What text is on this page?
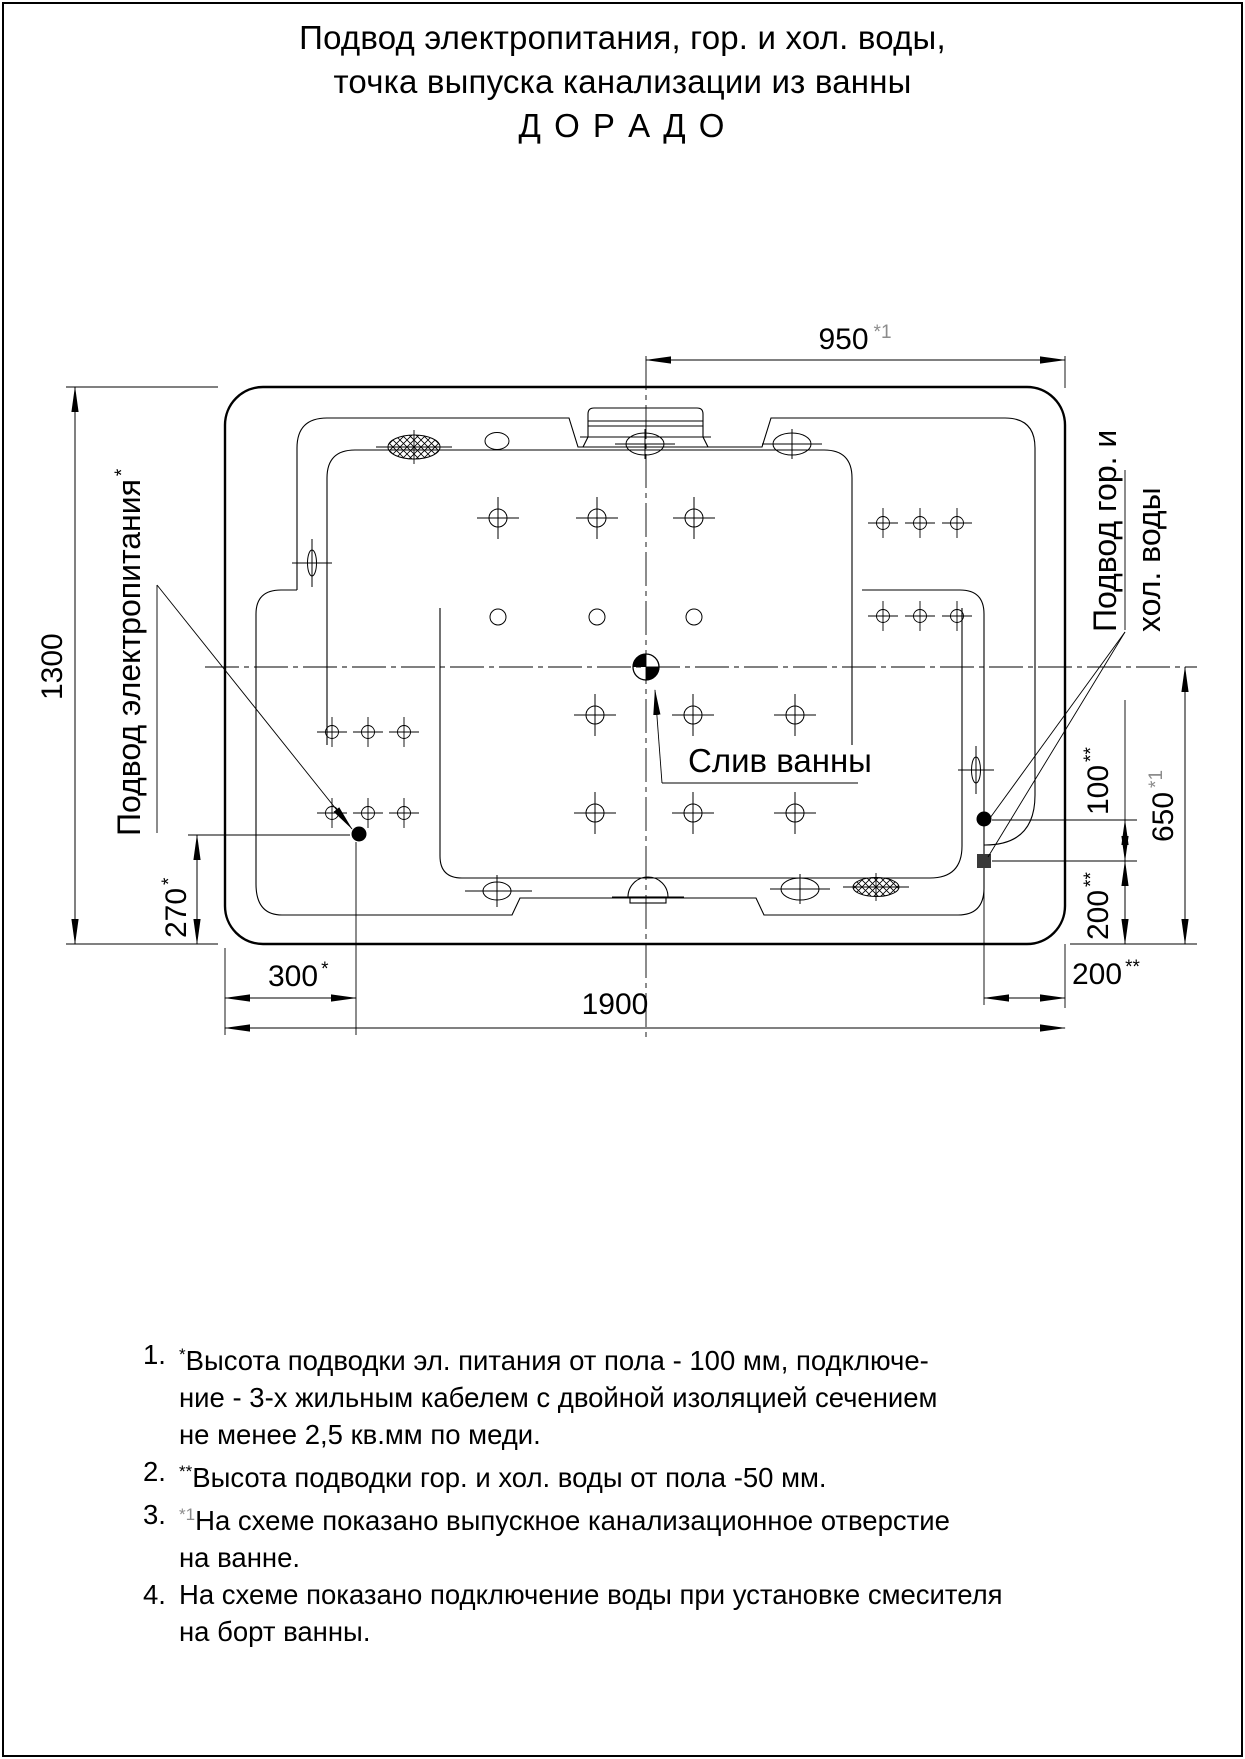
Подвод электропитания, гор. и хол. воды,
точка выпуска канализации из ванны
Д О Р А Д О
950 $^{*1}$
1300
270*
300 *
1900
100**
200**
650$^{*1}$
200 **
Подвод электропитания*	Подвод гор. и хол. воды
Слив ванны
1. *Высота подводки эл. питания от пола - 100 мм, подключе-
ние - 3-х жильным кабелем с двойной изоляцией сечением
не менее 2,5 кв.мм по меди.
2. **Высота подводки гор. и хол. воды от пола -50 мм.
3. $^{*1}$На схеме показано выпускное канализационное отверстие
на ванне.
4. На схеме показано подключение воды при установке смесителя
на борт ванны.
